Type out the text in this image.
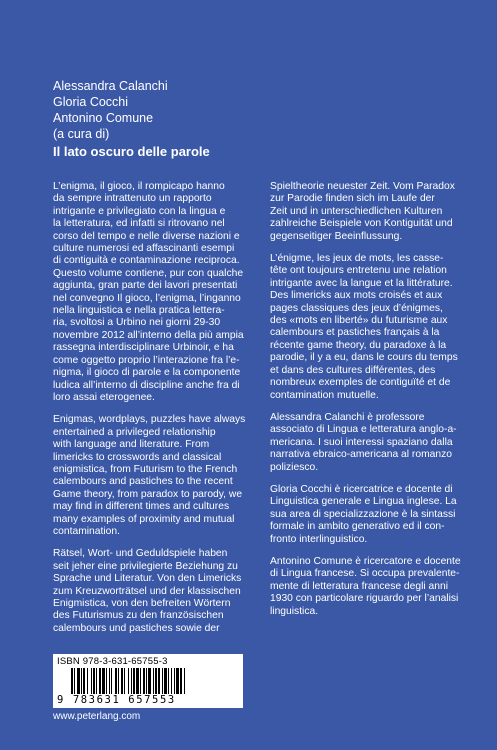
Alessandra Calanchi
Gloria Cocchi
Antonino Comune
(a cura di)
Il lato oscuro delle parole

L’enigma, il gioco, il rompicapo hanno
da sempre intrattenuto un rapporto
intrigante e privilegiato con la lingua e
la letteratura, ed infatti si ritrovano nel
corso del tempo e nelle diverse nazioni e
culture numerosi ed affascinanti esempi
di contiguità e contaminazione reciproca.
Questo volume contiene, pur con qualche
aggiunta, gran parte dei lavori presentati
nel convegno Il gioco, l’enigma, l’inganno
nella linguistica e nella pratica lettera-
ria, svoltosi a Urbino nei giorni 29-30
novembre 2012 all’interno della più ampia
rassegna interdisciplinare Urbinoir, e ha
come oggetto proprio l’interazione fra l’e-
nigma, il gioco di parole e la componente
ludica all’interno di discipline anche fra di
loro assai eterogenee.

Enigmas, wordplays, puzzles have always
entertained a privileged relationship
with language and literature. From
limericks to crosswords and classical
enigmistica, from Futurism to the French
calembours and pastiches to the recent
Game theory, from paradox to parody, we
may find in different times and cultures
many examples of proximity and mutual
contamination.

Rätsel, Wort- und Geduldspiele haben
seit jeher eine privilegierte Beziehung zu
Sprache und Literatur. Von den Limericks
zum Kreuzworträtsel und der klassischen
Enigmistica, von den befreiten Wörtern
des Futurismus zu den französischen
calembours und pastiches sowie der

Spieltheorie neuester Zeit. Vom Paradox
zur Parodie finden sich im Laufe der
Zeit und in unterschiedlichen Kulturen
zahlreiche Beispiele von Kontiguität und
gegenseitiger Beeinflussung.

L’énigme, les jeux de mots, les casse-
tête ont toujours entretenu une relation
intrigante avec la langue et la littérature.
Des limericks aux mots croisés et aux
pages classiques des jeux d’énigmes,
des «mots en liberté» du futurisme aux
calembours et pastiches français à la
récente game theory, du paradoxe à la
parodie, il y a eu, dans le cours du temps
et dans des cultures différentes, des
nombreux exemples de contiguïté et de
contamination mutuelle.

Alessandra Calanchi è professore
associato di Lingua e letteratura anglo-a-
mericana. I suoi interessi spaziano dalla
narrativa ebraico-americana al romanzo
poliziesco.

Gloria Cocchi è ricercatrice e docente di
Linguistica generale e Lingua inglese. La
sua area di specializzazione è la sintassi
formale in ambito generativo ed il con-
fronto interlinguistico.

Antonino Comune è ricercatore e docente
di Lingua francese. Si occupa prevalente-
mente di letteratura francese degli anni
1930 con particolare riguardo per l’analisi
linguistica.

ISBN 978-3-631-65755-3
9 783631 657553
www.peterlang.com
